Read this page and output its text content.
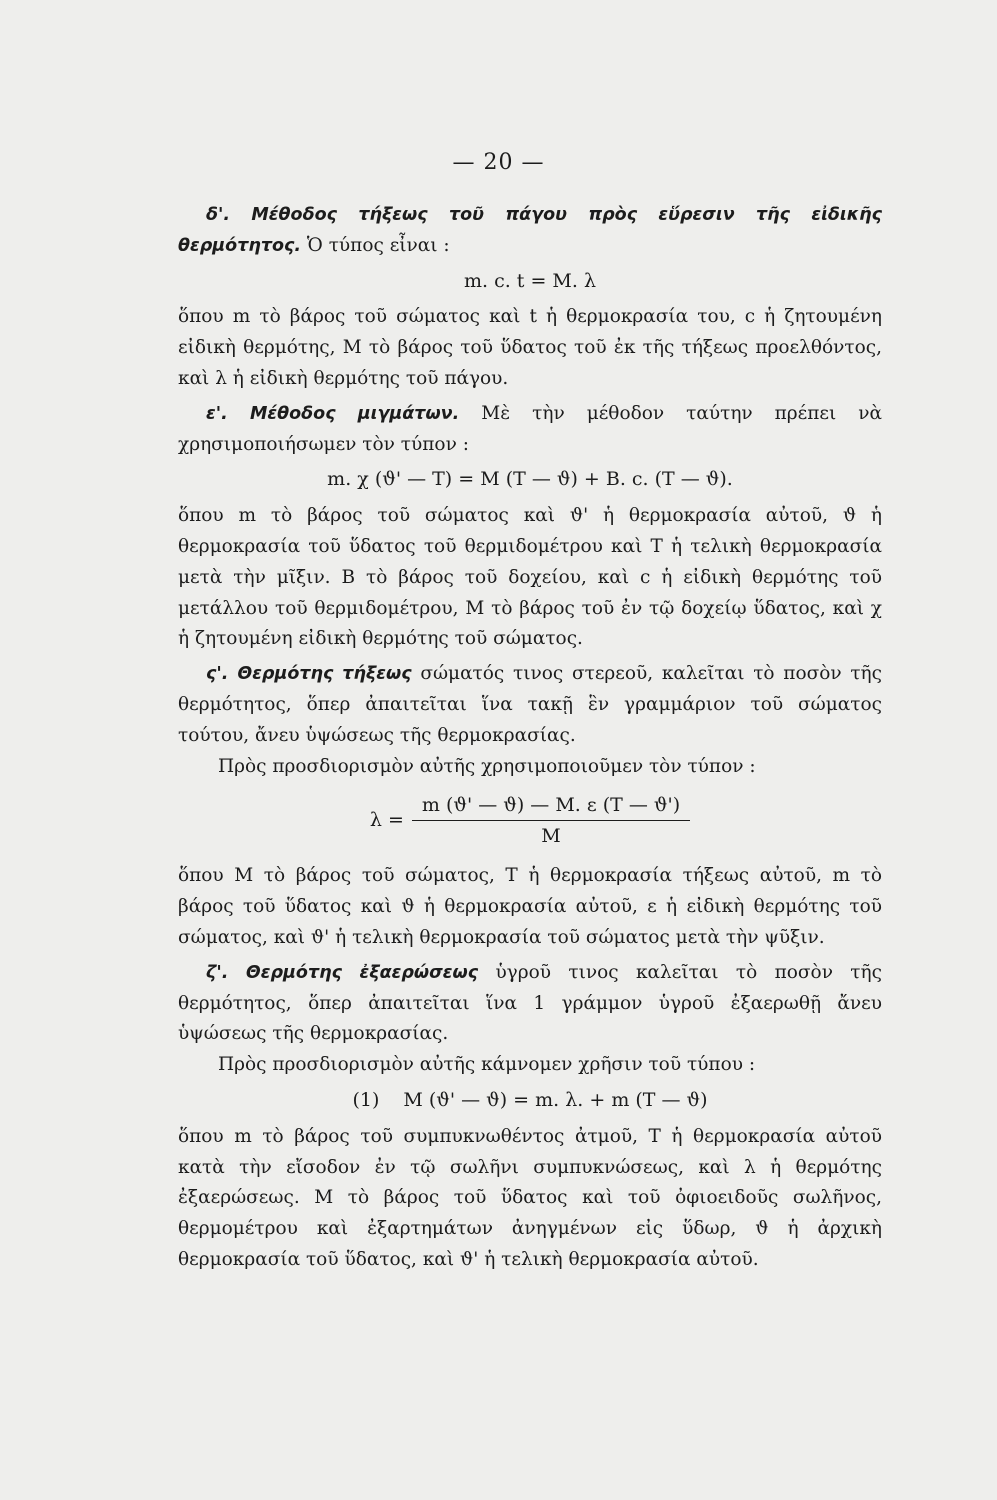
— 20 —

δ'. Μέθοδος τήξεως τοῦ πάγου πρὸς εὕρεσιν τῆς εἰδικῆς θερμότητος. Ὁ τύπος εἶναι :

m. c. t = M. λ

ὅπου m τὸ βάρος τοῦ σώματος καὶ t ἡ θερμοκρασία του, c ἡ ζητουμένη εἰδικὴ θερμότης, M τὸ βάρος τοῦ ὕδατος τοῦ ἐκ τῆς τήξεως προελθόντος, καὶ λ ἡ εἰδικὴ θερμότης τοῦ πάγου.

ε'. Μέθοδος μιγμάτων. Μὲ τὴν μέθοδον ταύτην πρέπει νὰ χρησιμοποιήσωμεν τὸν τύπον :

m. χ (ϑ' — T) = M (T — ϑ) + B. c. (T — ϑ).

ὅπου m τὸ βάρος τοῦ σώματος καὶ ϑ' ἡ θερμοκρασία αὐτοῦ, ϑ ἡ θερμοκρασία τοῦ ὕδατος τοῦ θερμιδομέτρου καὶ T ἡ τελικὴ θερμοκρασία μετὰ τὴν μῖξιν. B τὸ βάρος τοῦ δοχείου, καὶ c ἡ εἰδικὴ θερμότης τοῦ μετάλλου τοῦ θερμιδομέτρου, M τὸ βάρος τοῦ ἐν τῷ δοχείῳ ὕδατος, καὶ χ ἡ ζητουμένη εἰδικὴ θερμότης τοῦ σώματος.

ς'. Θερμότης τήξεως σώματός τινος στερεοῦ, καλεῖται τὸ ποσὸν τῆς θερμότητος, ὅπερ ἀπαιτεῖται ἵνα τακῇ ἓν γραμμάριον τοῦ σώματος τούτου, ἄνευ ὑψώσεως τῆς θερμοκρασίας.

Πρὸς προσδιορισμὸν αὐτῆς χρησιμοποιοῦμεν τὸν τύπον :

$\lambda = \frac{m (ϑ' — ϑ) — M. \varepsilon (T — ϑ')}{M}$

ὅπου M τὸ βάρος τοῦ σώματος, T ἡ θερμοκρασία τήξεως αὐτοῦ, m τὸ βάρος τοῦ ὕδατος καὶ ϑ ἡ θερμοκρασία αὐτοῦ, ε ἡ εἰδικὴ θερμότης τοῦ σώματος, καὶ ϑ' ἡ τελικὴ θερμοκρασία τοῦ σώματος μετὰ τὴν ψῦξιν.

ζ'. Θερμότης ἐξαερώσεως ὑγροῦ τινος καλεῖται τὸ ποσὸν τῆς θερμότητος, ὅπερ ἀπαιτεῖται ἵνα 1 γράμμον ὑγροῦ ἐξαερωθῇ ἄνευ ὑψώσεως τῆς θερμοκρασίας.

Πρὸς προσδιορισμὸν αὐτῆς κάμνομεν χρῆσιν τοῦ τύπου :

(1) M (ϑ' — ϑ) = m. λ. + m (T — ϑ)

ὅπου m τὸ βάρος τοῦ συμπυκνωθέντος ἀτμοῦ, T ἡ θερμοκρασία αὐτοῦ κατὰ τὴν εἴσοδον ἐν τῷ σωλῆνι συμπυκνώσεως, καὶ λ ἡ θερμότης ἐξαερώσεως. M τὸ βάρος τοῦ ὕδατος καὶ τοῦ ὀφιοειδοῦς σωλῆνος, θερμομέτρου καὶ ἐξαρτημάτων ἀνηγμένων εἰς ὕδωρ, ϑ ἡ ἀρχικὴ θερμοκρασία τοῦ ὕδατος, καὶ ϑ' ἡ τελικὴ θερμοκρασία αὐτοῦ.
